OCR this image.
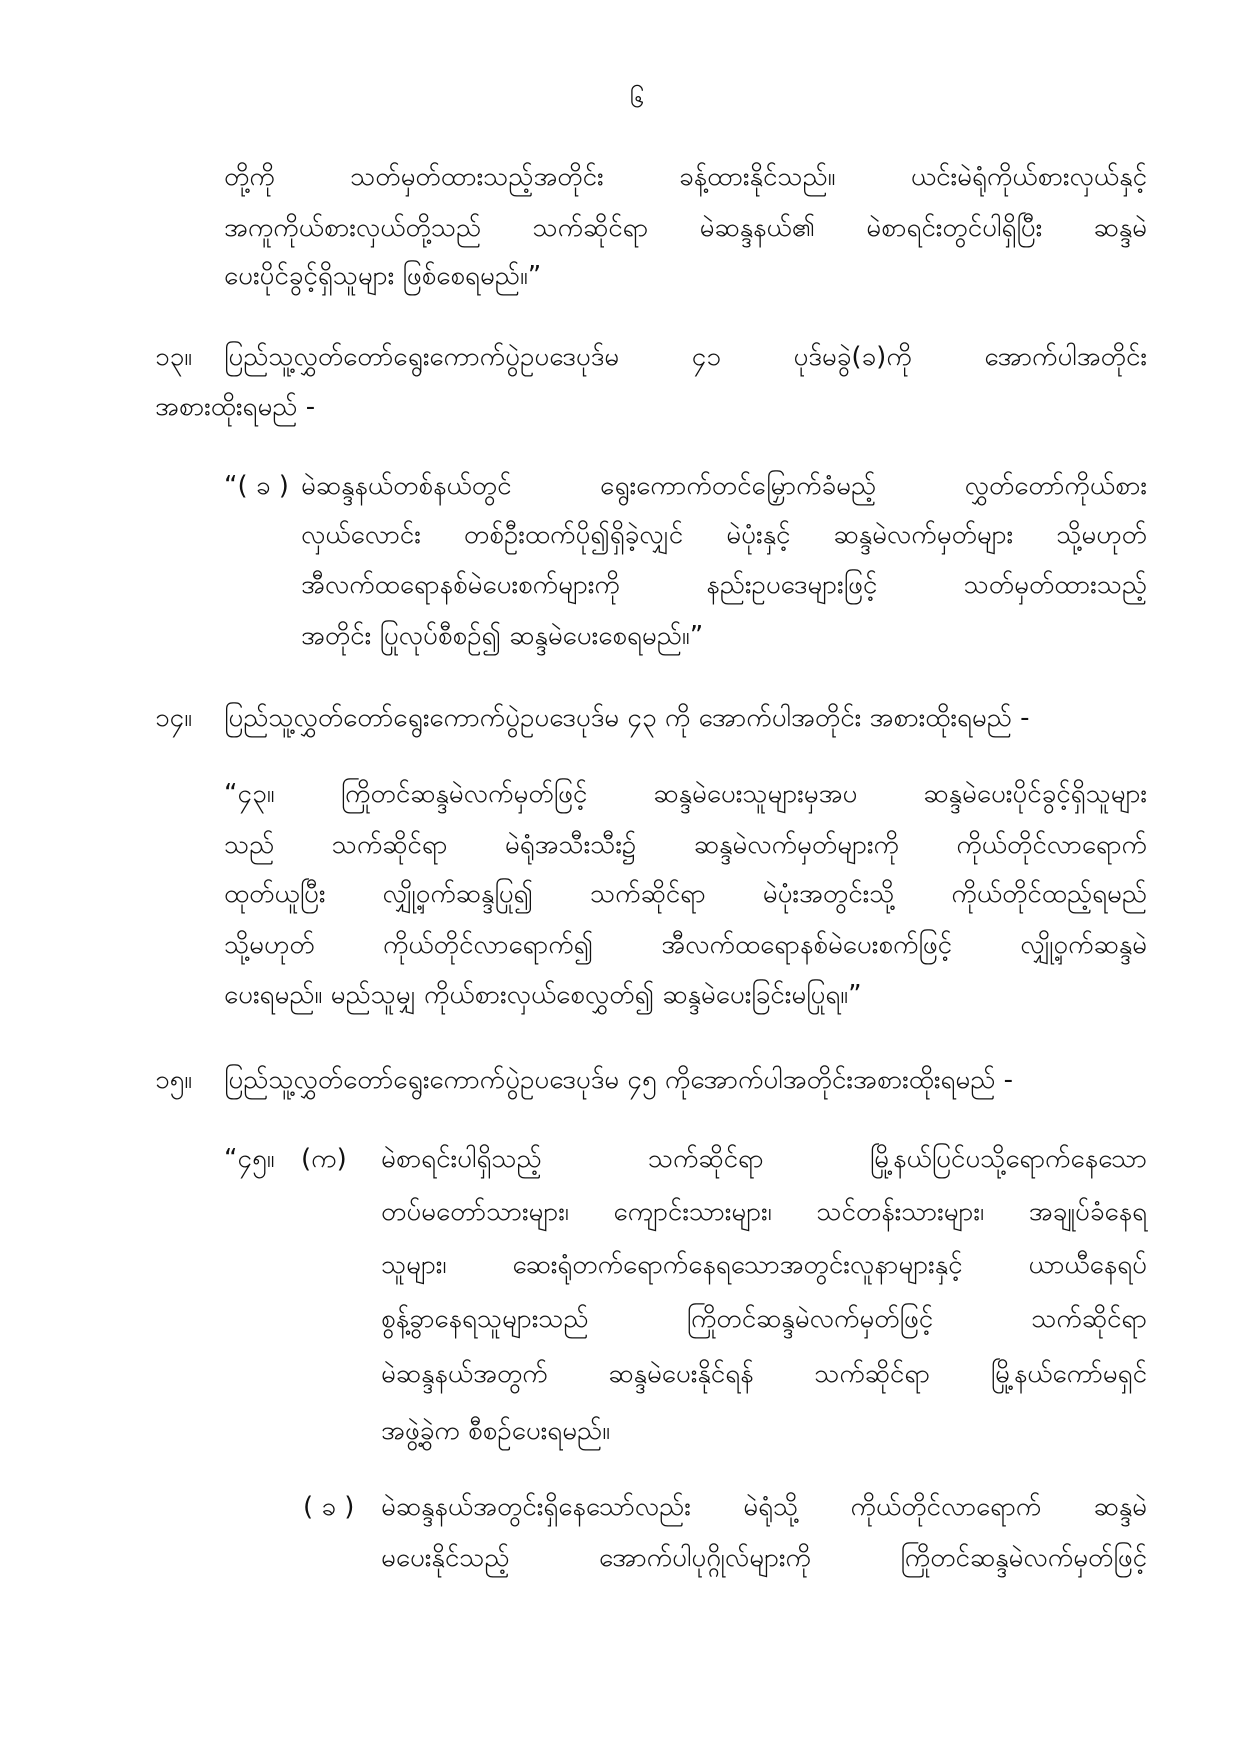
၆
တို့ကို သတ်မှတ်ထားသည့်အတိုင်း ခန့်ထားနိုင်သည်။ ယင်းမဲရုံကိုယ်စားလှယ်နှင့်
အကူကိုယ်စားလှယ်တို့သည် သက်ဆိုင်ရာ မဲဆန္ဒနယ်၏ မဲစာရင်းတွင်ပါရှိပြီး ဆန္ဒမဲ
ပေးပိုင်ခွင့်ရှိသူများ ဖြစ်စေရမည်။”
၁၃။	ပြည်သူ့လွှတ်တော်ရွေးကောက်ပွဲဥပဒေပုဒ်မ ၄၁ ပုဒ်မခွဲ(ခ)ကို အောက်ပါအတိုင်း
အစားထိုးရမည် -
“( ခ ) မဲဆန္ဒနယ်တစ်နယ်တွင် ရွေးကောက်တင်မြှောက်ခံမည့် လွှတ်တော်ကိုယ်စား
လှယ်လောင်း တစ်ဦးထက်ပို၍ရှိခဲ့လျှင် မဲပုံးနှင့် ဆန္ဒမဲလက်မှတ်များ သို့မဟုတ်
အီလက်ထရောနစ်မဲပေးစက်များကို နည်းဥပဒေများဖြင့် သတ်မှတ်ထားသည့်
အတိုင်း ပြုလုပ်စီစဉ်၍ ဆန္ဒမဲပေးစေရမည်။”
၁၄။	ပြည်သူ့လွှတ်တော်ရွေးကောက်ပွဲဥပဒေပုဒ်မ ၄၃ ကို အောက်ပါအတိုင်း အစားထိုးရမည် -
“၄၃။ ကြိုတင်ဆန္ဒမဲလက်မှတ်ဖြင့် ဆန္ဒမဲပေးသူများမှအပ ဆန္ဒမဲပေးပိုင်ခွင့်ရှိသူများ
သည် သက်ဆိုင်ရာ မဲရုံအသီးသီး၌ ဆန္ဒမဲလက်မှတ်များကို ကိုယ်တိုင်လာရောက်
ထုတ်ယူပြီး လျှို့ဝှက်ဆန္ဒပြု၍ သက်ဆိုင်ရာ မဲပုံးအတွင်းသို့ ကိုယ်တိုင်ထည့်ရမည်
သို့မဟုတ် ကိုယ်တိုင်လာရောက်၍ အီလက်ထရောနစ်မဲပေးစက်ဖြင့် လျှို့ဝှက်ဆန္ဒမဲ
ပေးရမည်။ မည်သူမျှ ကိုယ်စားလှယ်စေလွှတ်၍ ဆန္ဒမဲပေးခြင်းမပြုရ။”
၁၅။	ပြည်သူ့လွှတ်တော်ရွေးကောက်ပွဲဥပဒေပုဒ်မ ၄၅ ကိုအောက်ပါအတိုင်းအစားထိုးရမည် -
“၄၅။	(က)	မဲစာရင်းပါရှိသည့် သက်ဆိုင်ရာ မြို့နယ်ပြင်ပသို့ရောက်နေသော
တပ်မတော်သားများ၊ ကျောင်းသားများ၊ သင်တန်းသားများ၊ အချုပ်ခံနေရ
သူများ၊ ဆေးရုံတက်ရောက်နေရသောအတွင်းလူနာများနှင့် ယာယီနေရပ်
စွန့်ခွာနေရသူများသည် ကြိုတင်ဆန္ဒမဲလက်မှတ်ဖြင့် သက်ဆိုင်ရာ
မဲဆန္ဒနယ်အတွက် ဆန္ဒမဲပေးနိုင်ရန် သက်ဆိုင်ရာ မြို့နယ်ကော်မရှင်
အဖွဲ့ခွဲက စီစဉ်ပေးရမည်။
( ခ )	မဲဆန္ဒနယ်အတွင်းရှိနေသော်လည်း မဲရုံသို့ ကိုယ်တိုင်လာရောက် ဆန္ဒမဲ
မပေးနိုင်သည့် အောက်ပါပုဂ္ဂိုလ်များကို ကြိုတင်ဆန္ဒမဲလက်မှတ်ဖြင့်
